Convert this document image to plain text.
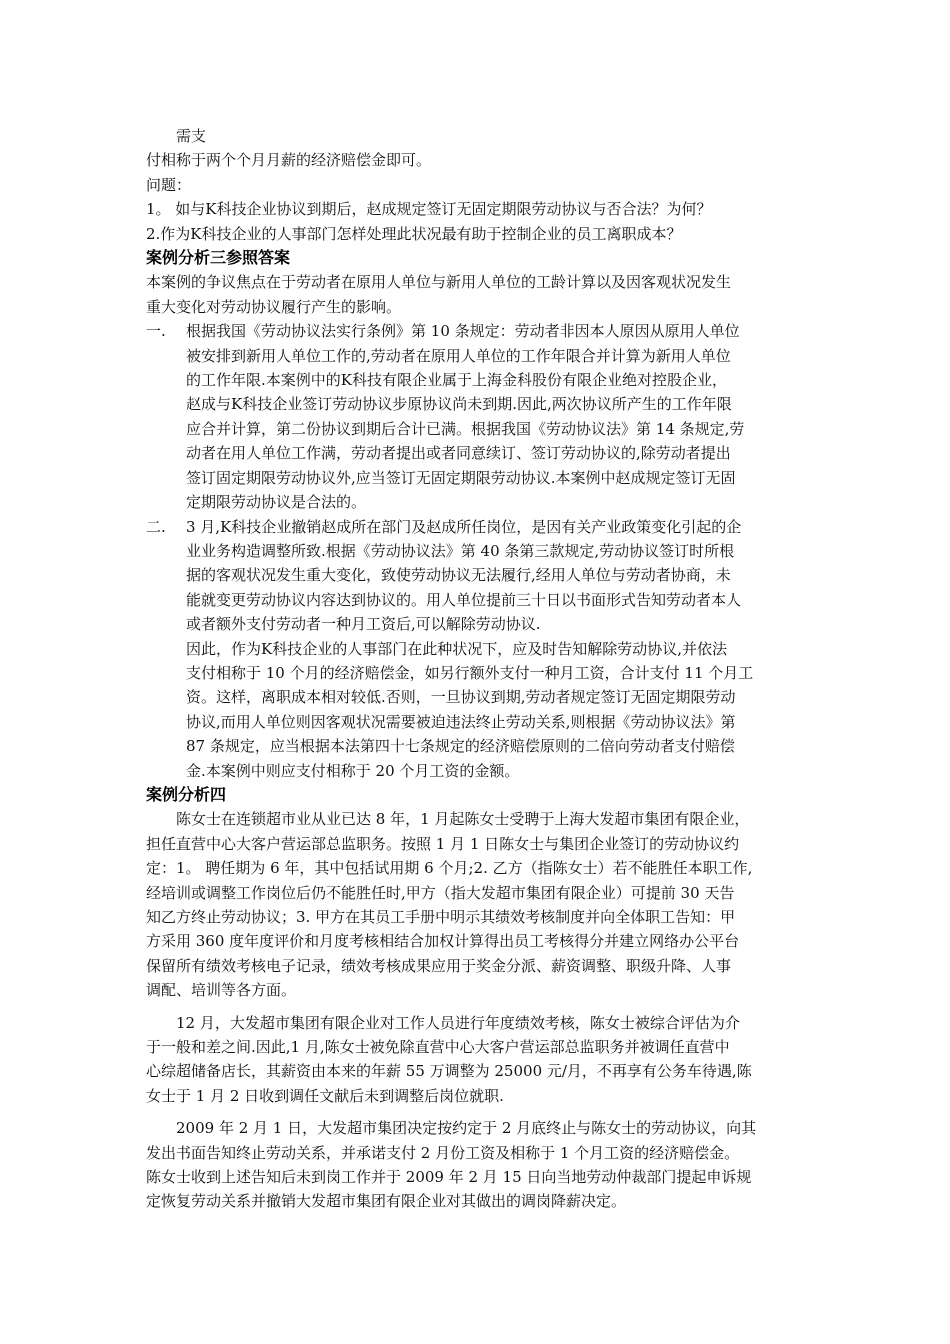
需支
付相称于两个个月月薪的经济赔偿金即可。
问题：
1。 如与K科技企业协议到期后，赵成规定签订无固定期限劳动协议与否合法？为何？
2.作为K科技企业的人事部门怎样处理此状况最有助于控制企业的员工离职成本？
案例分析三参照答案
本案例的争议焦点在于劳动者在原用人单位与新用人单位的工龄计算以及因客观状况发生
重大变化对劳动协议履行产生的影响。
一. 根据我国《劳动协议法实行条例》第 10 条规定：劳动者非因本人原因从原用人单位
被安排到新用人单位工作的,劳动者在原用人单位的工作年限合并计算为新用人单位
的工作年限.本案例中的K科技有限企业属于上海金科股份有限企业绝对控股企业，
赵成与K科技企业签订劳动协议步原协议尚未到期.因此,两次协议所产生的工作年限
应合并计算，第二份协议到期后合计已满。根据我国《劳动协议法》第 14 条规定,劳
动者在用人单位工作满，劳动者提出或者同意续订、签订劳动协议的,除劳动者提出
签订固定期限劳动协议外,应当签订无固定期限劳动协议.本案例中赵成规定签订无固
定期限劳动协议是合法的。
二. 3 月,K科技企业撤销赵成所在部门及赵成所任岗位，是因有关产业政策变化引起的企
业业务构造调整所致.根据《劳动协议法》第 40 条第三款规定,劳动协议签订时所根
据的客观状况发生重大变化，致使劳动协议无法履行,经用人单位与劳动者协商，未
能就变更劳动协议内容达到协议的。用人单位提前三十日以书面形式告知劳动者本人
或者额外支付劳动者一种月工资后,可以解除劳动协议.
因此，作为K科技企业的人事部门在此种状况下，应及时告知解除劳动协议,并依法
支付相称于 10 个月的经济赔偿金，如另行额外支付一种月工资，合计支付 11 个月工
资。这样，离职成本相对较低.否则，一旦协议到期,劳动者规定签订无固定期限劳动
协议,而用人单位则因客观状况需要被迫违法终止劳动关系,则根据《劳动协议法》第
87 条规定，应当根据本法第四十七条规定的经济赔偿原则的二倍向劳动者支付赔偿
金.本案例中则应支付相称于 20 个月工资的金额。
案例分析四
陈女士在连锁超市业从业已达 8 年，1 月起陈女士受聘于上海大发超市集团有限企业，
担任直营中心大客户营运部总监职务。按照 1 月 1 日陈女士与集团企业签订的劳动协议约
定：1。 聘任期为 6 年，其中包括试用期 6 个月;2. 乙方（指陈女士）若不能胜任本职工作,
经培训或调整工作岗位后仍不能胜任时,甲方（指大发超市集团有限企业）可提前 30 天告
知乙方终止劳动协议；3. 甲方在其员工手册中明示其绩效考核制度并向全体职工告知：甲
方采用 360 度年度评价和月度考核相结合加权计算得出员工考核得分并建立网络办公平台
保留所有绩效考核电子记录，绩效考核成果应用于奖金分派、薪资调整、职级升降、人事
调配、培训等各方面。
12 月，大发超市集团有限企业对工作人员进行年度绩效考核，陈女士被综合评估为介
于一般和差之间.因此,1 月,陈女士被免除直营中心大客户营运部总监职务并被调任直营中
心综超储备店长，其薪资由本来的年薪 55 万调整为 25000 元/月，不再享有公务车待遇,陈
女士于 1 月 2 日收到调任文献后未到调整后岗位就职.
2009 年 2 月 1 日，大发超市集团决定按约定于 2 月底终止与陈女士的劳动协议，向其
发出书面告知终止劳动关系，并承诺支付 2 月份工资及相称于 1 个月工资的经济赔偿金。
陈女士收到上述告知后未到岗工作并于 2009 年 2 月 15 日向当地劳动仲裁部门提起申诉规
定恢复劳动关系并撤销大发超市集团有限企业对其做出的调岗降薪决定。
